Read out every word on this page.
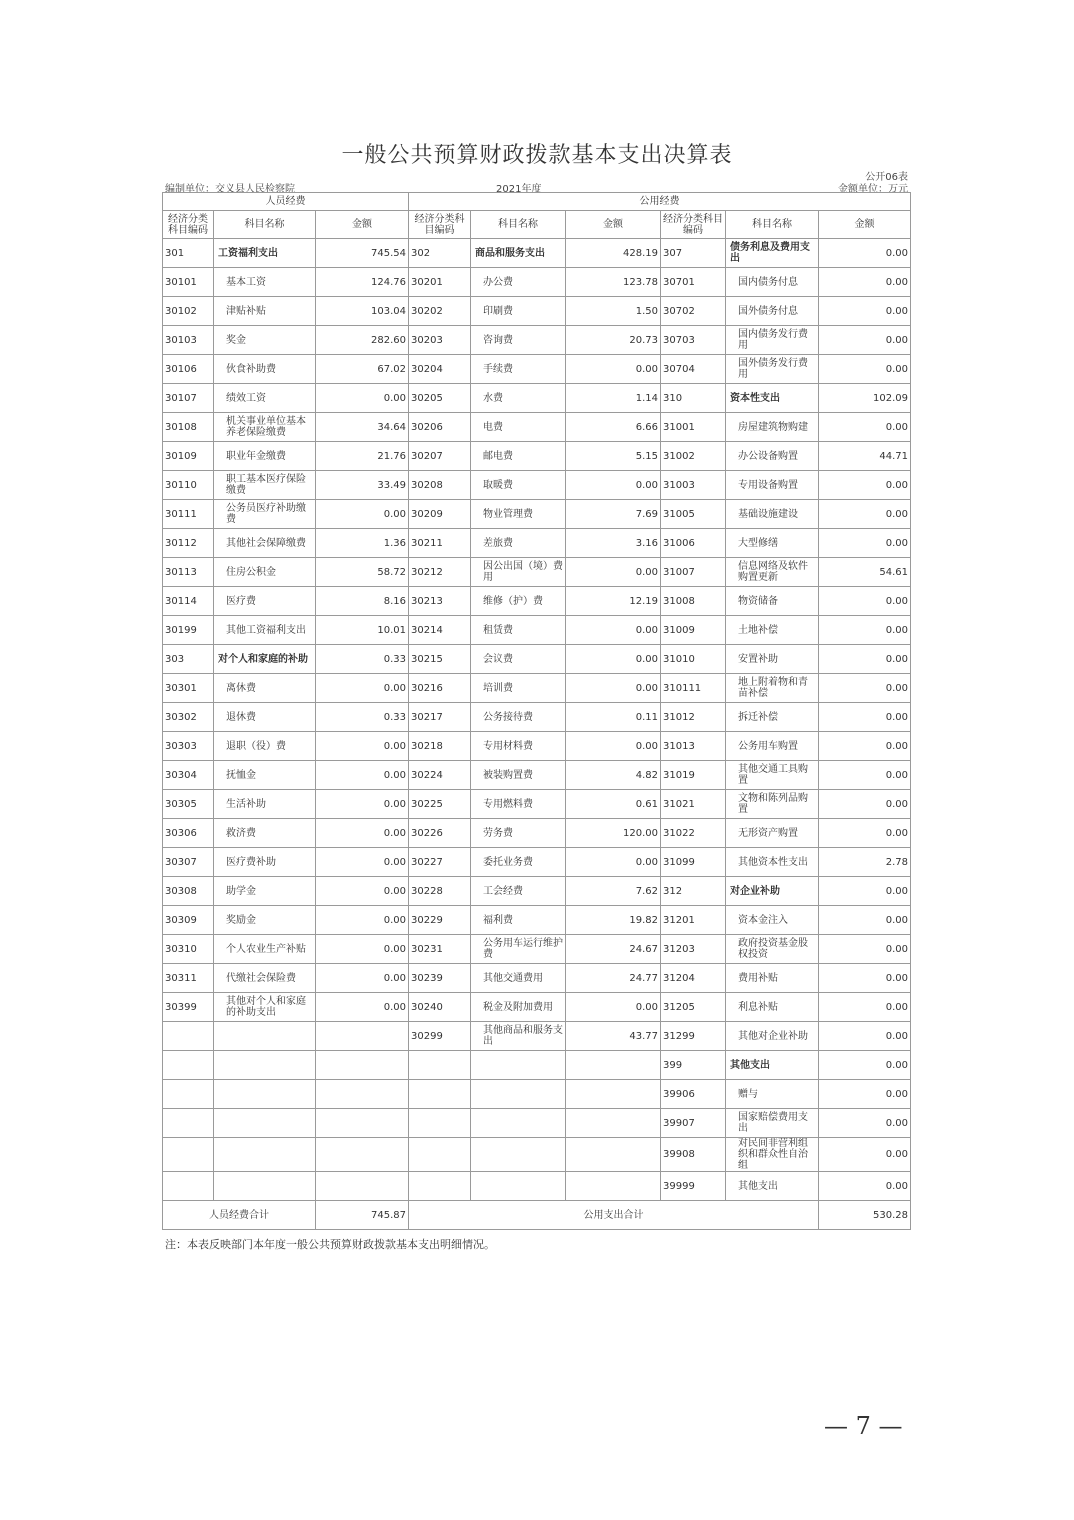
一般公共预算财政拨款基本支出决算表
公开06表
编制单位：交义县人民检察院	2021年度	金额单位：万元
人员经费			公用经费					
经济分类科目编码	科目名称	金额	经济分类科目编码	科目名称	金额	经济分类科目编码	科目名称	金额
301	工资福利支出	745.54	302	商品和服务支出	428.19	307	债务利息及费用支出	0.00
30101	基本工资	124.76	30201	办公费	123.78	30701	国内债务付息	0.00
30102	津贴补贴	103.04	30202	印刷费	1.50	30702	国外债务付息	0.00
30103	奖金	282.60	30203	咨询费	20.73	30703	国内债务发行费用	0.00
30106	伙食补助费	67.02	30204	手续费	0.00	30704	国外债务发行费用	0.00
30107	绩效工资	0.00	30205	水费	1.14	310	资本性支出	102.09
30108	机关事业单位基本养老保险缴费	34.64	30206	电费	6.66	31001	房屋建筑物购建	0.00
30109	职业年金缴费	21.76	30207	邮电费	5.15	31002	办公设备购置	44.71
30110	职工基本医疗保险缴费	33.49	30208	取暖费	0.00	31003	专用设备购置	0.00
30111	公务员医疗补助缴费	0.00	30209	物业管理费	7.69	31005	基础设施建设	0.00
30112	其他社会保障缴费	1.36	30211	差旅费	3.16	31006	大型修缮	0.00
30113	住房公积金	58.72	30212	因公出国（境）费用	0.00	31007	信息网络及软件购置更新	54.61
30114	医疗费	8.16	30213	维修（护）费	12.19	31008	物资储备	0.00
30199	其他工资福利支出	10.01	30214	租赁费	0.00	31009	土地补偿	0.00
303	对个人和家庭的补助	0.33	30215	会议费	0.00	31010	安置补助	0.00
30301	离休费	0.00	30216	培训费	0.00	310111	地上附着物和青苗补偿	0.00
30302	退休费	0.33	30217	公务接待费	0.11	31012	拆迁补偿	0.00
30303	退职（役）费	0.00	30218	专用材料费	0.00	31013	公务用车购置	0.00
30304	抚恤金	0.00	30224	被装购置费	4.82	31019	其他交通工具购置	0.00
30305	生活补助	0.00	30225	专用燃料费	0.61	31021	文物和陈列品购置	0.00
30306	救济费	0.00	30226	劳务费	120.00	31022	无形资产购置	0.00
30307	医疗费补助	0.00	30227	委托业务费	0.00	31099	其他资本性支出	2.78
30308	助学金	0.00	30228	工会经费	7.62	312	对企业补助	0.00
30309	奖励金	0.00	30229	福利费	19.82	31201	资本金注入	0.00
30310	个人农业生产补贴	0.00	30231	公务用车运行维护费	24.67	31203	政府投资基金股权投资	0.00
30311	代缴社会保险费	0.00	30239	其他交通费用	24.77	31204	费用补贴	0.00
30399	其他对个人和家庭的补助支出	0.00	30240	税金及附加费用	0.00	31205	利息补贴	0.00
			30299	其他商品和服务支出	43.77	31299	其他对企业补助	0.00
						399	其他支出	0.00
						39906	赠与	0.00
						39907	国家赔偿费用支出	0.00
						39908	对民间非营利组织和群众性自治组	0.00
						39999	其他支出	0.00
人员经费合计		745.87	公用支出合计					530.28
注：本表反映部门本年度一般公共预算财政拨款基本支出明细情况。
— 7 —
